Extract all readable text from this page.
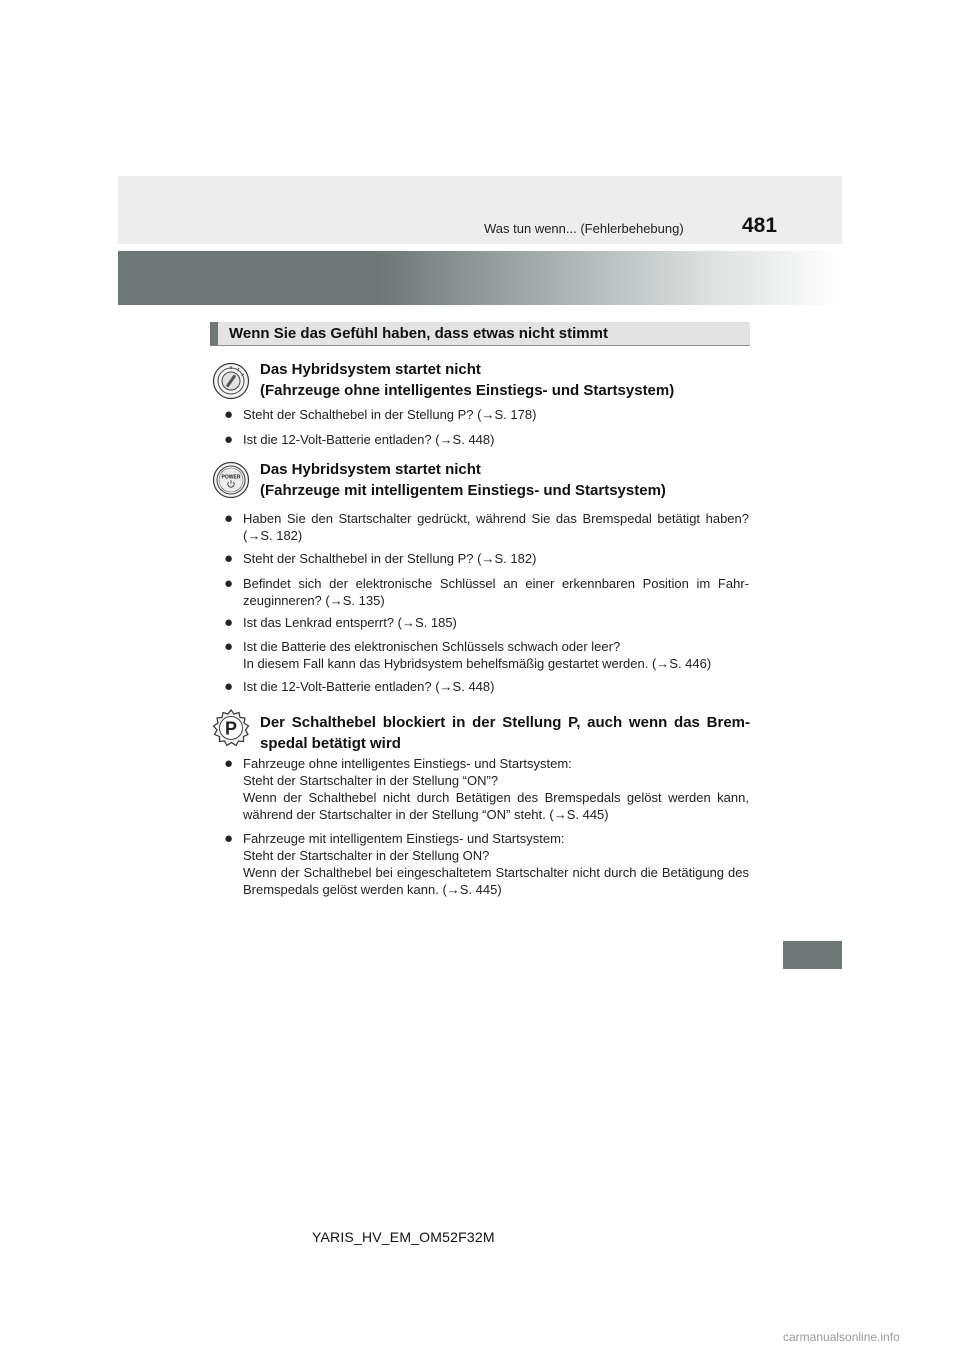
Was tun wenn... (Fehlerbehebung)	481
Wenn Sie das Gefühl haben, dass etwas nicht stimmt
Das Hybridsystem startet nicht
(Fahrzeuge ohne intelligentes Einstiegs- und Startsystem)
● Steht der Schalthebel in der Stellung P? (→S. 178)
● Ist die 12-Volt-Batterie entladen? (→S. 448)
POWER Das Hybridsystem startet nicht
(Fahrzeuge mit intelligentem Einstiegs- und Startsystem)
● Haben Sie den Startschalter gedrückt, während Sie das Bremspedal betätigt haben? (→S. 182)
● Steht der Schalthebel in der Stellung P? (→S. 182)
● Befindet sich der elektronische Schlüssel an einer erkennbaren Position im Fahr-zeuginneren? (→S. 135)
● Ist das Lenkrad entsperrt? (→S. 185)
● Ist die Batterie des elektronischen Schlüssels schwach oder leer?
In diesem Fall kann das Hybridsystem behelfsmäßig gestartet werden. (→S. 446)
● Ist die 12-Volt-Batterie entladen? (→S. 448)
P Der Schalthebel blockiert in der Stellung P, auch wenn das Brem-
spedal betätigt wird
● Fahrzeuge ohne intelligentes Einstiegs- und Startsystem:
Steht der Startschalter in der Stellung “ON”?
Wenn der Schalthebel nicht durch Betätigen des Bremspedals gelöst werden kann, während der Startschalter in der Stellung “ON” steht. (→S. 445)
● Fahrzeuge mit intelligentem Einstiegs- und Startsystem:
Steht der Startschalter in der Stellung ON?
Wenn der Schalthebel bei eingeschaltetem Startschalter nicht durch die Betätigung des Bremspedals gelöst werden kann. (→S. 445)
YARIS_HV_EM_OM52F32M
carmanualsonline.info
